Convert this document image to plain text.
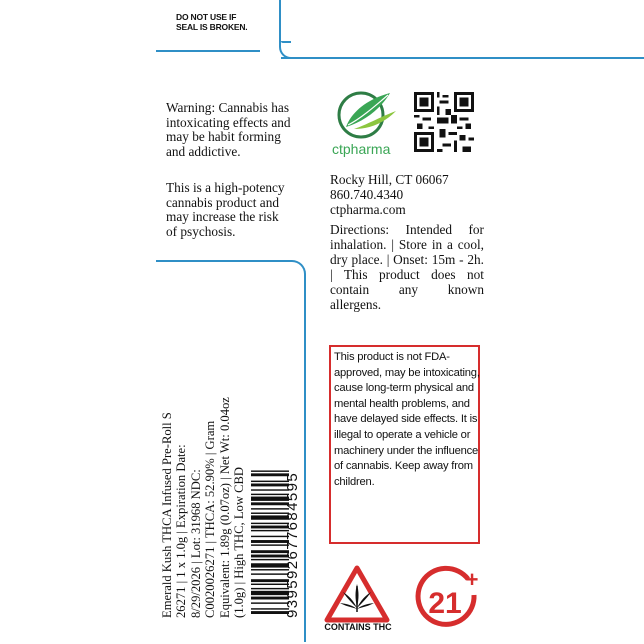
DO NOT USE IF
SEAL IS BROKEN.
Warning: Cannabis has intoxicating effects and may be habit forming and addictive.
This is a high-potency cannabis product and may increase the risk of psychosis.
ctpharma
Rocky Hill, CT 06067
860.740.4340
ctpharma.com
Directions: Intended for inhalation. | Store in a cool, dry place. | Onset: 15m - 2h. | This product does not contain any known allergens.
This product is not FDA-approved, may be intoxicating, cause long-term physical and mental health problems, and have delayed side effects. It is illegal to operate a vehicle or machinery under the influence of cannabis. Keep away from children.
Emerald Kush THCA Infused Pre-Roll S 26271 | 1 x 1.0g | Expiration Date: 8/29/2026 | Lot: 31968 NDC: C0020026271 | THCA: 52.90% | Gram Equivalent: 1.89g (0.07oz) | Net Wt: 0.04oz (1.0g) | High THC, Low CBD	939592677684595
CONTAINS THC
21
+
